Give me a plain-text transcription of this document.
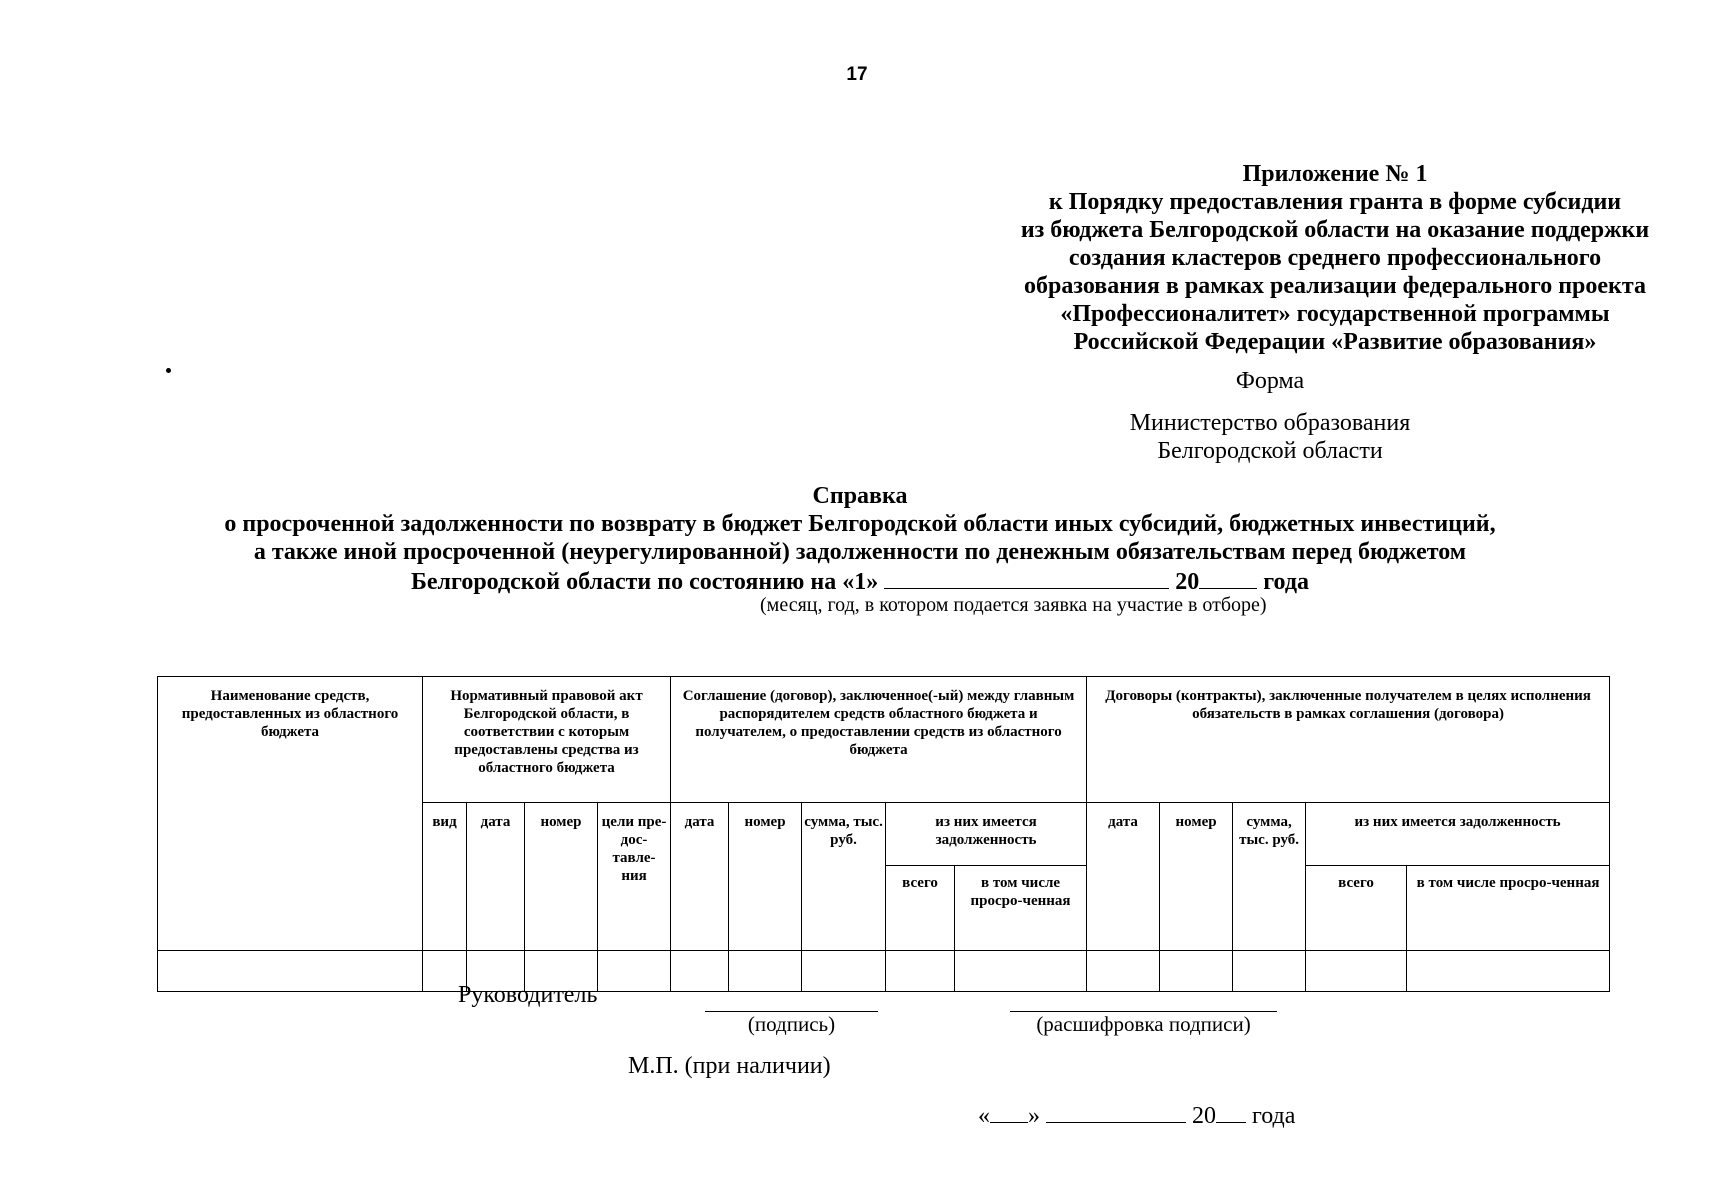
17
Приложение № 1
к Порядку предоставления гранта в форме субсидии
из бюджета Белгородской области на оказание поддержки
создания кластеров среднего профессионального
образования в рамках реализации федерального проекта
«Профессионалитет» государственной программы
Российской Федерации «Развитие образования»
Форма
Министерство образования
Белгородской области
Справка
о просроченной задолженности по возврату в бюджет Белгородской области иных субсидий, бюджетных инвестиций,
а также иной просроченной (неурегулированной) задолженности по денежным обязательствам перед бюджетом
Белгородской области по состоянию на «1»	20	года
(месяц, год, в котором подается заявка на участие в отборе)
Наименование средств, предоставленных из областного бюджета	Нормативный правовой акт Белгородской области, в соответствии с которым предоставлены средства из областного бюджета				Соглашение (договор), заключенное(-ый) между главным распорядителем средств областного бюджета и получателем, о предоставлении средств из областного бюджета					Договоры (контракты), заключенные получателем в целях исполнения обязательств в рамках соглашения (договора)				
	вид	дата	номер	цели пре-дос-тавле-ния	дата	номер	сумма, тыс. руб.	из них имеется задолженность		дата	номер	сумма, тыс. руб.	из них имеется задолженность	
								всего	в том числе просро-ченная				всего	в том числе просро-ченная

Руководитель
(подпись)	(расшифровка подписи)
М.П. (при наличии)
« »	20 года
